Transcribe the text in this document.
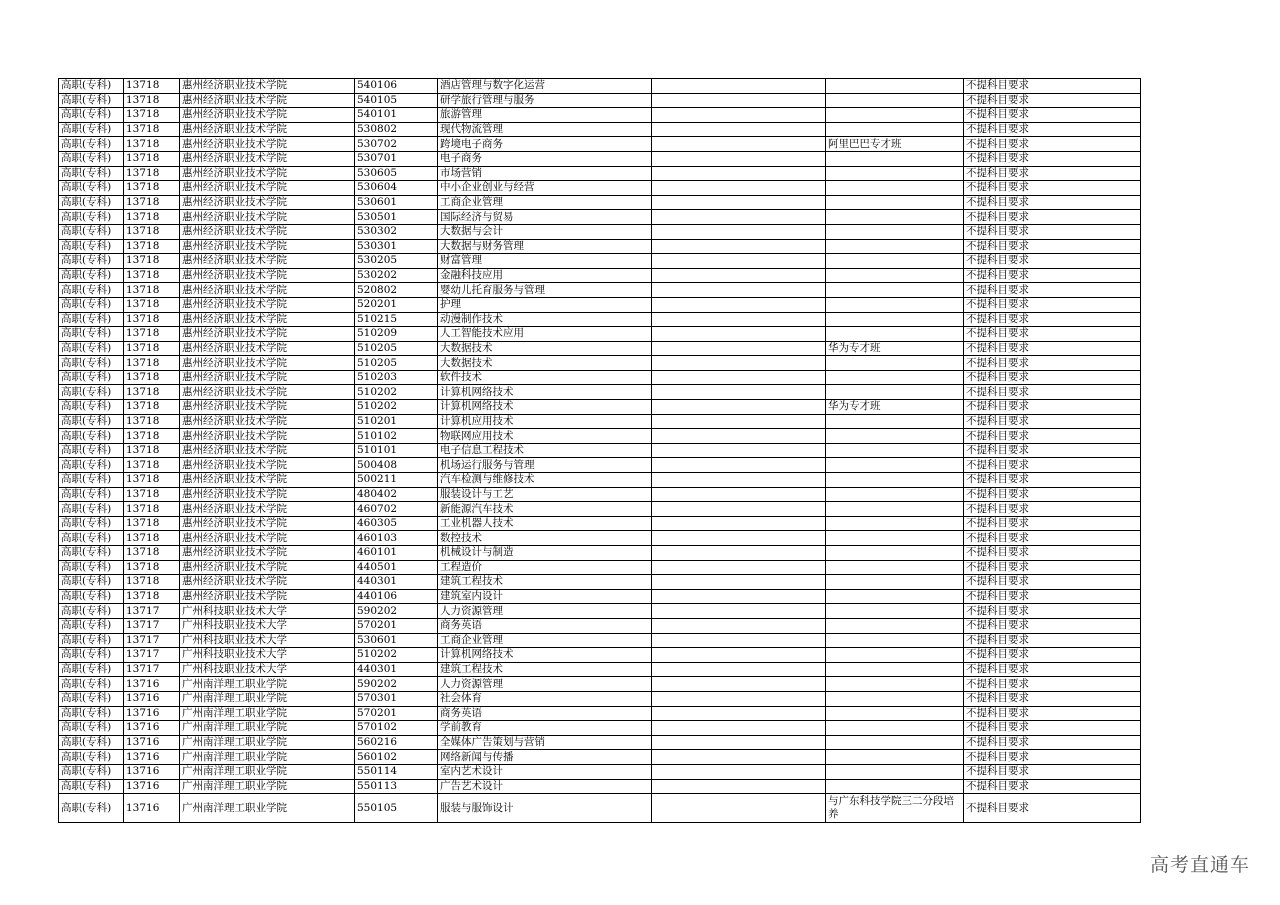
高职(专科)	13718	惠州经济职业技术学院	540106	酒店管理与数字化运营			不提科目要求
高职(专科)	13718	惠州经济职业技术学院	540105	研学旅行管理与服务			不提科目要求
高职(专科)	13718	惠州经济职业技术学院	540101	旅游管理			不提科目要求
高职(专科)	13718	惠州经济职业技术学院	530802	现代物流管理			不提科目要求
高职(专科)	13718	惠州经济职业技术学院	530702	跨境电子商务		阿里巴巴专才班	不提科目要求
高职(专科)	13718	惠州经济职业技术学院	530701	电子商务			不提科目要求
高职(专科)	13718	惠州经济职业技术学院	530605	市场营销			不提科目要求
高职(专科)	13718	惠州经济职业技术学院	530604	中小企业创业与经营			不提科目要求
高职(专科)	13718	惠州经济职业技术学院	530601	工商企业管理			不提科目要求
高职(专科)	13718	惠州经济职业技术学院	530501	国际经济与贸易			不提科目要求
高职(专科)	13718	惠州经济职业技术学院	530302	大数据与会计			不提科目要求
高职(专科)	13718	惠州经济职业技术学院	530301	大数据与财务管理			不提科目要求
高职(专科)	13718	惠州经济职业技术学院	530205	财富管理			不提科目要求
高职(专科)	13718	惠州经济职业技术学院	530202	金融科技应用			不提科目要求
高职(专科)	13718	惠州经济职业技术学院	520802	婴幼儿托育服务与管理			不提科目要求
高职(专科)	13718	惠州经济职业技术学院	520201	护理			不提科目要求
高职(专科)	13718	惠州经济职业技术学院	510215	动漫制作技术			不提科目要求
高职(专科)	13718	惠州经济职业技术学院	510209	人工智能技术应用			不提科目要求
高职(专科)	13718	惠州经济职业技术学院	510205	大数据技术		华为专才班	不提科目要求
高职(专科)	13718	惠州经济职业技术学院	510205	大数据技术			不提科目要求
高职(专科)	13718	惠州经济职业技术学院	510203	软件技术			不提科目要求
高职(专科)	13718	惠州经济职业技术学院	510202	计算机网络技术			不提科目要求
高职(专科)	13718	惠州经济职业技术学院	510202	计算机网络技术		华为专才班	不提科目要求
高职(专科)	13718	惠州经济职业技术学院	510201	计算机应用技术			不提科目要求
高职(专科)	13718	惠州经济职业技术学院	510102	物联网应用技术			不提科目要求
高职(专科)	13718	惠州经济职业技术学院	510101	电子信息工程技术			不提科目要求
高职(专科)	13718	惠州经济职业技术学院	500408	机场运行服务与管理			不提科目要求
高职(专科)	13718	惠州经济职业技术学院	500211	汽车检测与维修技术			不提科目要求
高职(专科)	13718	惠州经济职业技术学院	480402	服装设计与工艺			不提科目要求
高职(专科)	13718	惠州经济职业技术学院	460702	新能源汽车技术			不提科目要求
高职(专科)	13718	惠州经济职业技术学院	460305	工业机器人技术			不提科目要求
高职(专科)	13718	惠州经济职业技术学院	460103	数控技术			不提科目要求
高职(专科)	13718	惠州经济职业技术学院	460101	机械设计与制造			不提科目要求
高职(专科)	13718	惠州经济职业技术学院	440501	工程造价			不提科目要求
高职(专科)	13718	惠州经济职业技术学院	440301	建筑工程技术			不提科目要求
高职(专科)	13718	惠州经济职业技术学院	440106	建筑室内设计			不提科目要求
高职(专科)	13717	广州科技职业技术大学	590202	人力资源管理			不提科目要求
高职(专科)	13717	广州科技职业技术大学	570201	商务英语			不提科目要求
高职(专科)	13717	广州科技职业技术大学	530601	工商企业管理			不提科目要求
高职(专科)	13717	广州科技职业技术大学	510202	计算机网络技术			不提科目要求
高职(专科)	13717	广州科技职业技术大学	440301	建筑工程技术			不提科目要求
高职(专科)	13716	广州南洋理工职业学院	590202	人力资源管理			不提科目要求
高职(专科)	13716	广州南洋理工职业学院	570301	社会体育			不提科目要求
高职(专科)	13716	广州南洋理工职业学院	570201	商务英语			不提科目要求
高职(专科)	13716	广州南洋理工职业学院	570102	学前教育			不提科目要求
高职(专科)	13716	广州南洋理工职业学院	560216	全媒体广告策划与营销			不提科目要求
高职(专科)	13716	广州南洋理工职业学院	560102	网络新闻与传播			不提科目要求
高职(专科)	13716	广州南洋理工职业学院	550114	室内艺术设计			不提科目要求
高职(专科)	13716	广州南洋理工职业学院	550113	广告艺术设计			不提科目要求
高职(专科)	13716	广州南洋理工职业学院	550105	服装与服饰设计		与广东科技学院三二分段培养	不提科目要求
高考直通车
